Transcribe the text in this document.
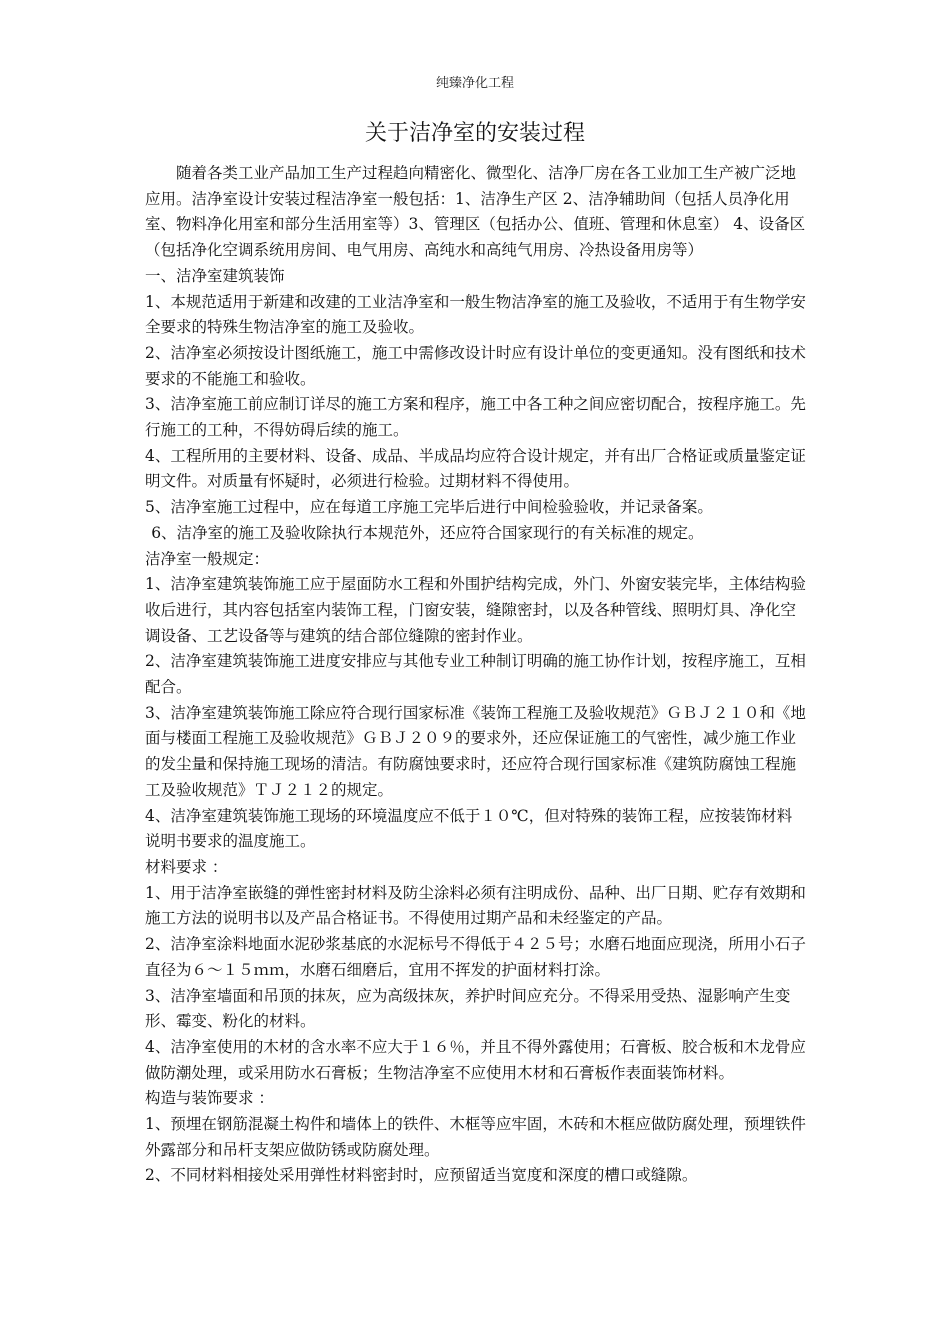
纯臻净化工程
关于洁净室的安装过程

随着各类工业产品加工生产过程趋向精密化、微型化、洁净厂房在各工业加工生产被广泛地应用。洁净室设计安装过程洁净室一般包括：1、洁净生产区 2、洁净辅助间（包括人员净化用室、物料净化用室和部分生活用室等）3、管理区（包括办公、值班、管理和休息室） 4、设备区（包括净化空调系统用房间、电气用房、高纯水和高纯气用房、冷热设备用房等）

一、洁净室建筑装饰

1、本规范适用于新建和改建的工业洁净室和一般生物洁净室的施工及验收，不适用于有生物学安全要求的特殊生物洁净室的施工及验收。

2、洁净室必须按设计图纸施工，施工中需修改设计时应有设计单位的变更通知。没有图纸和技术要求的不能施工和验收。

3、洁净室施工前应制订详尽的施工方案和程序，施工中各工种之间应密切配合，按程序施工。先行施工的工种，不得妨碍后续的施工。

4、工程所用的主要材料、设备、成品、半成品均应符合设计规定，并有出厂合格证或质量鉴定证明文件。对质量有怀疑时，必须进行检验。过期材料不得使用。

5、洁净室施工过程中，应在每道工序施工完毕后进行中间检验验收，并记录备案。

6、洁净室的施工及验收除执行本规范外，还应符合国家现行的有关标准的规定。

洁净室一般规定：

1、洁净室建筑装饰施工应于屋面防水工程和外围护结构完成，外门、外窗安装完毕，主体结构验收后进行，其内容包括室内装饰工程，门窗安装，缝隙密封，以及各种管线、照明灯具、净化空调设备、工艺设备等与建筑的结合部位缝隙的密封作业。

2、洁净室建筑装饰施工进度安排应与其他专业工种制订明确的施工协作计划，按程序施工，互相配合。

3、洁净室建筑装饰施工除应符合现行国家标准《装饰工程施工及验收规范》ＧＢＪ２１０和《地面与楼面工程施工及验收规范》ＧＢＪ２０９的要求外，还应保证施工的气密性，减少施工作业的发尘量和保持施工现场的清洁。有防腐蚀要求时，还应符合现行国家标准《建筑防腐蚀工程施工及验收规范》ＴＪ２１２的规定。

4、洁净室建筑装饰施工现场的环境温度应不低于１０℃，但对特殊的装饰工程，应按装饰材料说明书要求的温度施工。

材料要求 ：

1、用于洁净室嵌缝的弹性密封材料及防尘涂料必须有注明成份、品种、出厂日期、贮存有效期和施工方法的说明书以及产品合格证书。不得使用过期产品和未经鉴定的产品。

2、洁净室涂料地面水泥砂浆基底的水泥标号不得低于４２５号；水磨石地面应现浇，所用小石子直径为６～１５ｍｍ，水磨石细磨后，宜用不挥发的护面材料打涂。

3、洁净室墙面和吊顶的抹灰，应为高级抹灰，养护时间应充分。不得采用受热、湿影响产生变形、霉变、粉化的材料。

4、洁净室使用的木材的含水率不应大于１６％，并且不得外露使用；石膏板、胶合板和木龙骨应做防潮处理，或采用防水石膏板；生物洁净室不应使用木材和石膏板作表面装饰材料。

构造与装饰要求 ：

1、预埋在钢筋混凝土构件和墙体上的铁件、木框等应牢固，木砖和木框应做防腐处理，预埋铁件外露部分和吊杆支架应做防锈或防腐处理。

2、不同材料相接处采用弹性材料密封时，应预留适当宽度和深度的槽口或缝隙。
